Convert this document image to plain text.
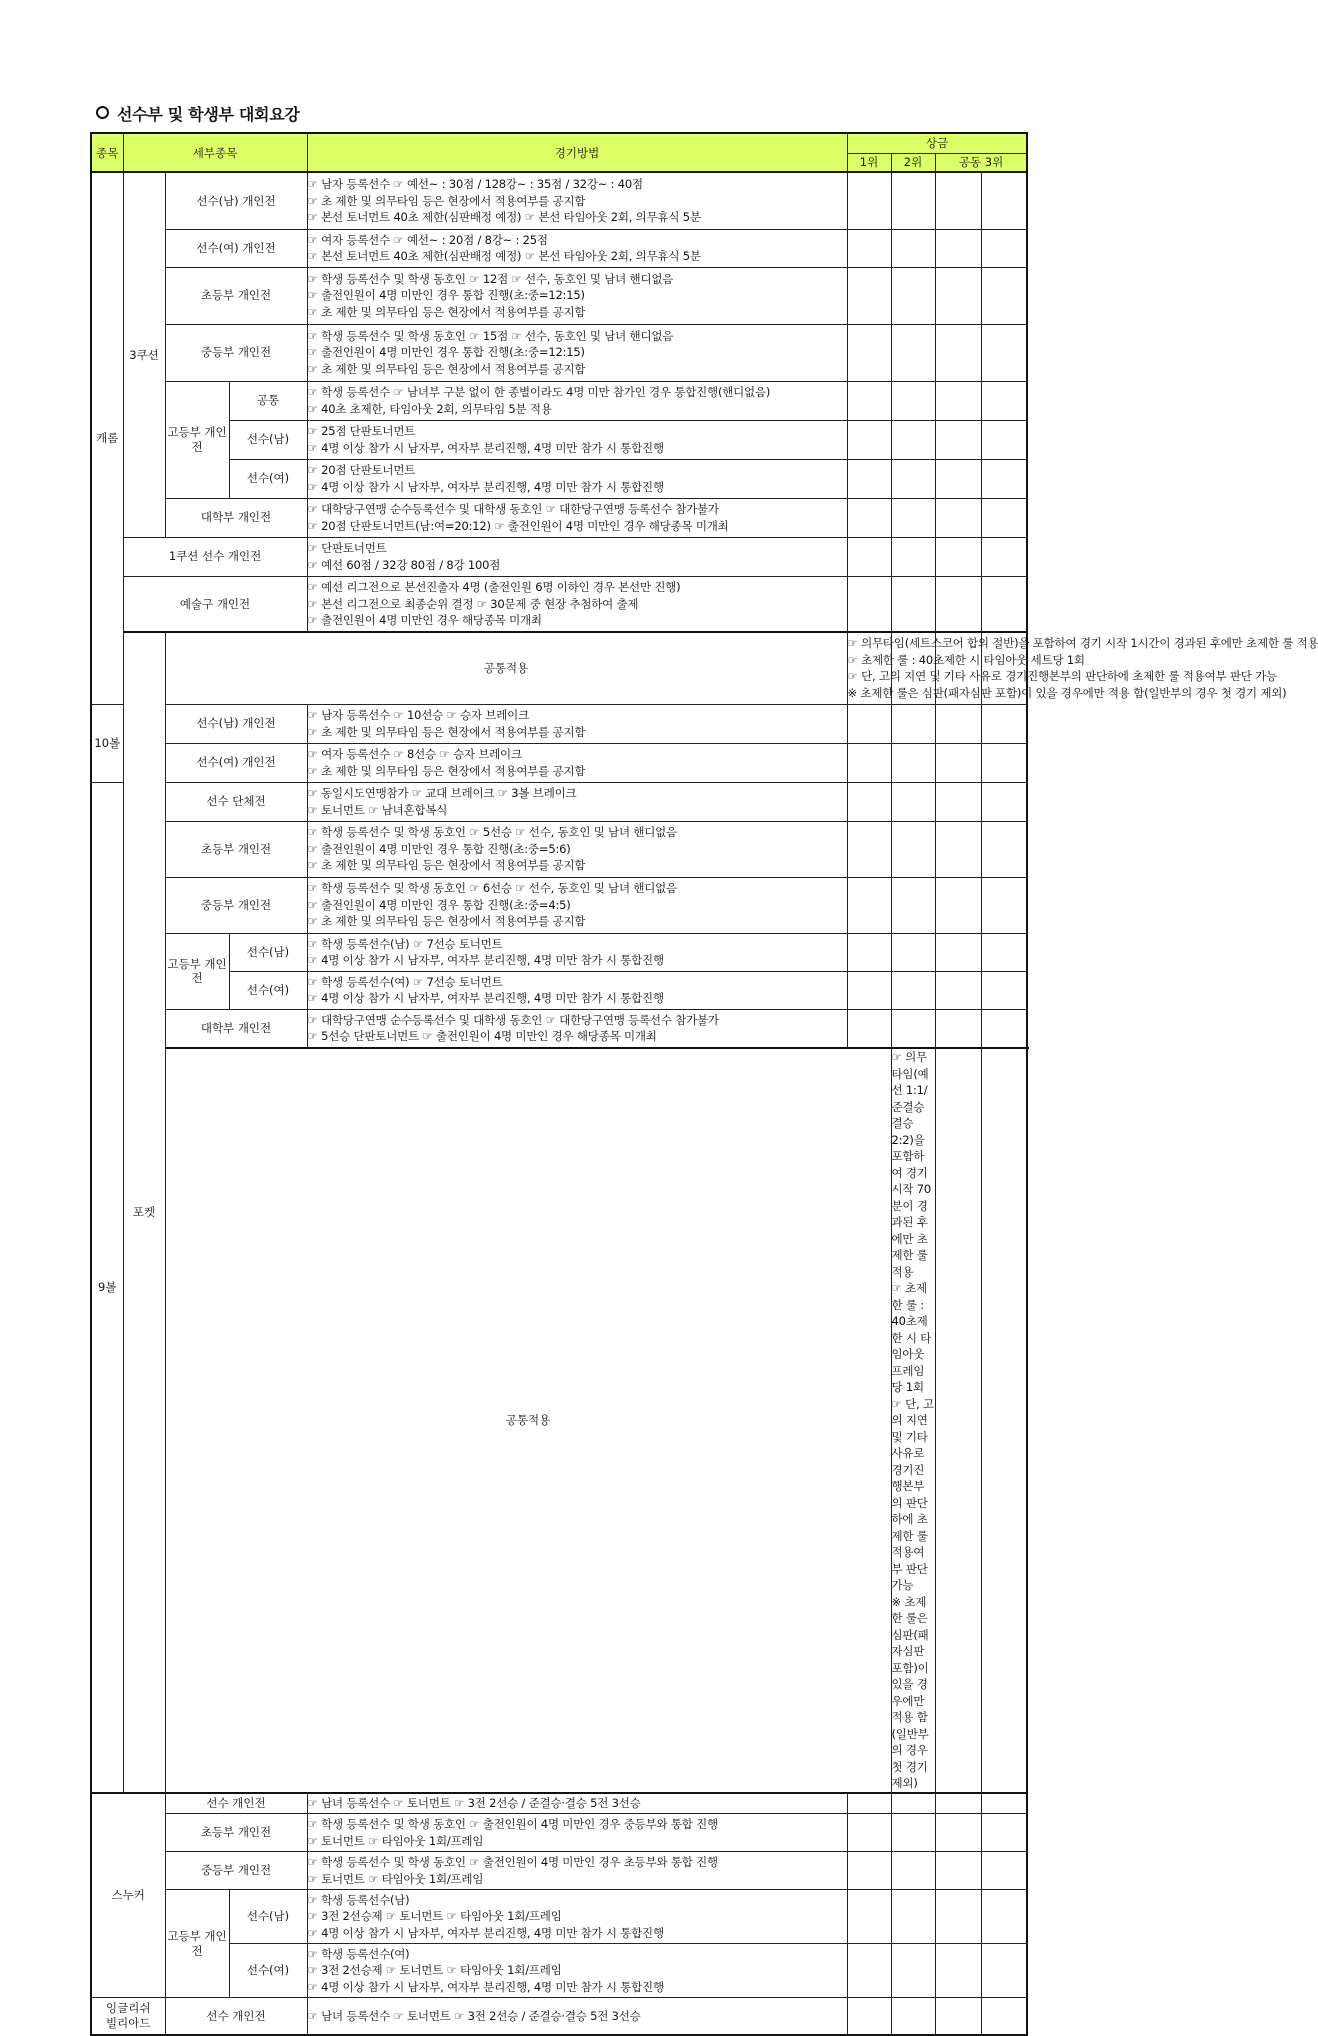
선수부 및 학생부 대회요강
종목	세부종목			경기방법	상금				
					1위	2위	공동 3위		
캐롬	3쿠션	선수(남) 개인전		☞ 남자 등록선수 ☞ 예선~ : 30점 / 128강~ : 35점 / 32강~ : 40점
☞ 초 제한 및 의무타임 등은 현장에서 적용여부를 공지함
☞ 본선 토너먼트 40초 제한(심판배정 예정) ☞ 본선 타임아웃 2회, 의무휴식 5분					

		선수(여) 개인전		☞ 여자 등록선수 ☞ 예선~ : 20점 / 8강~ : 25점
☞ 본선 토너먼트 40초 제한(심판배정 예정) ☞ 본선 타임아웃 2회, 의무휴식 5분					

		초등부 개인전		☞ 학생 등록선수 및 학생 동호인 ☞ 12점 ☞ 선수, 동호인 및 남녀 핸디없음
☞ 출전인원이 4명 미만인 경우 통합 진행(초:중=12:15)
☞ 초 제한 및 의무타임 등은 현장에서 적용여부를 공지함					

		중등부 개인전		☞ 학생 등록선수 및 학생 동호인 ☞ 15점 ☞ 선수, 동호인 및 남녀 핸디없음
☞ 출전인원이 4명 미만인 경우 통합 진행(초:중=12:15)
☞ 초 제한 및 의무타임 등은 현장에서 적용여부를 공지함					

		고등부 개인전	공통	☞ 학생 등록선수 ☞ 남녀부 구분 없이 한 종별이라도 4명 미만 참가인 경우 통합진행(핸디없음)
☞ 40초 초제한, 타임아웃 2회, 의무타임 5분 적용					

			선수(남)	☞ 25점 단판토너먼트
☞ 4명 이상 참가 시 남자부, 여자부 분리진행, 4명 미만 참가 시 통합진행					

			선수(여)	☞ 20점 단판토너먼트
☞ 4명 이상 참가 시 남자부, 여자부 분리진행, 4명 미만 참가 시 통합진행					

		대학부 개인전		☞ 대학당구연맹 순수등록선수 및 대학생 동호인 ☞ 대한당구연맹 등록선수 참가불가
☞ 20점 단판토너먼트(남:여=20:12) ☞ 출전인원이 4명 미만인 경우 해당종목 미개최					

	1쿠션 선수 개인전			☞ 단판토너먼트
☞ 예선 60점 / 32강 80점 / 8강 100점					

	예술구 개인전			☞ 예선 리그전으로 본선진출자 4명 (출전인원 6명 이하인 경우 본선만 진행)
☞ 본선 리그전으로 최종순위 결정 ☞ 30문제 중 현장 추첨하여 출제
☞ 출전인원이 4명 미만인 경우 해당종목 미개최					

	포켓	공통적용			☞ 의무타임(세트스코어 합의 절반)을 포함하여 경기 시작 1시간이 경과된 후에만 초제한 룰 적용
☞ 초제한 룰 : 40초제한 시 타임아웃 세트당 1회
☞ 단, 고의 지연 및 기타 사유로 경기진행본부의 판단하에 초제한 룰 적용여부 판단 가능
※ 초제한 룰은 심판(패자심판 포함)이 있을 경우에만 적용 함(일반부의 경우 첫 경기 제외)				

10볼		선수(남) 개인전		☞ 남자 등록선수 ☞ 10선승 ☞ 승자 브레이크
☞ 초 제한 및 의무타임 등은 현장에서 적용여부를 공지함					

		선수(여) 개인전		☞ 여자 등록선수 ☞ 8선승 ☞ 승자 브레이크
☞ 초 제한 및 의무타임 등은 현장에서 적용여부를 공지함					

9볼		선수 단체전		☞ 동일시도연맹참가 ☞ 교대 브레이크 ☞ 3볼 브레이크
☞ 토너먼트 ☞ 남녀혼합복식					

		초등부 개인전		☞ 학생 등록선수 및 학생 동호인 ☞ 5선승 ☞ 선수, 동호인 및 남녀 핸디없음
☞ 출전인원이 4명 미만인 경우 통합 진행(초:중=5:6)
☞ 초 제한 및 의무타임 등은 현장에서 적용여부를 공지함					

		중등부 개인전		☞ 학생 등록선수 및 학생 동호인 ☞ 6선승 ☞ 선수, 동호인 및 남녀 핸디없음
☞ 출전인원이 4명 미만인 경우 통합 진행(초:중=4:5)
☞ 초 제한 및 의무타임 등은 현장에서 적용여부를 공지함					

		고등부 개인전	선수(남)	☞ 학생 등록선수(남) ☞ 7선승 토너먼트
☞ 4명 이상 참가 시 남자부, 여자부 분리진행, 4명 미만 참가 시 통합진행					

			선수(여)	☞ 학생 등록선수(여) ☞ 7선승 토너먼트
☞ 4명 이상 참가 시 남자부, 여자부 분리진행, 4명 미만 참가 시 통합진행					

		대학부 개인전		☞ 대학당구연맹 순수등록선수 및 대학생 동호인 ☞ 대한당구연맹 등록선수 참가불가
☞ 5선승 단판토너먼트 ☞ 출전인원이 4명 미만인 경우 해당종목 미개최					

		공통적용				☞ 의무타임(예선 1:1/준결승결승 2:2)을 포함하여 경기 시작 70분이 경과된 후에만 초제한 룰 적용
☞ 초제한 룰 : 40초제한 시 타임아웃 프레임당 1회
☞ 단, 고의 지연 및 기타 사유로 경기진행본부의 판단하에 초제한 룰 적용여부 판단 가능
※ 초제한 룰은 심판(패자심판 포함)이 있을 경우에만 적용 함(일반부의 경우 첫 경기 제외)			

스누커		선수 개인전		☞ 남녀 등록선수 ☞ 토너먼트 ☞ 3전 2선승 / 준결승·결승 5전 3선승					

		초등부 개인전		☞ 학생 등록선수 및 학생 동호인 ☞ 출전인원이 4명 미만인 경우 중등부와 통합 진행
☞ 토너먼트 ☞ 타임아웃 1회/프레임					

		중등부 개인전		☞ 학생 등록선수 및 학생 동호인 ☞ 출전인원이 4명 미만인 경우 초등부와 통합 진행
☞ 토너먼트 ☞ 타임아웃 1회/프레임					

		고등부 개인전	선수(남)	☞ 학생 등록선수(남)
☞ 3전 2선승제 ☞ 토너먼트 ☞ 타임아웃 1회/프레임
☞ 4명 이상 참가 시 남자부, 여자부 분리진행, 4명 미만 참가 시 통합진행					

			선수(여)	☞ 학생 등록선수(여)
☞ 3전 2선승제 ☞ 토너먼트 ☞ 타임아웃 1회/프레임
☞ 4명 이상 참가 시 남자부, 여자부 분리진행, 4명 미만 참가 시 통합진행					

잉글리쉬 빌리아드		선수 개인전		☞ 남녀 등록선수 ☞ 토너먼트 ☞ 3전 2선승 / 준결승·결승 5전 3선승					
